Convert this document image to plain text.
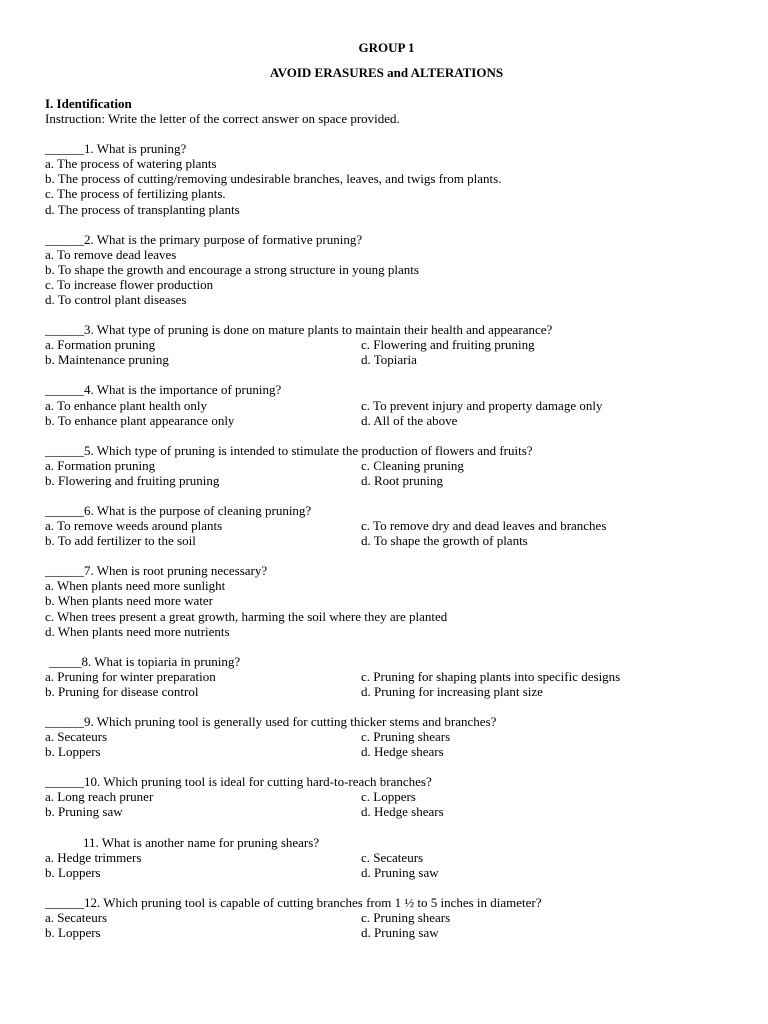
GROUP 1
AVOID ERASURES and ALTERATIONS
I. Identification
Instruction: Write the letter of the correct answer on space provided.
______1. What is pruning?
a. The process of watering plants
b. The process of cutting/removing undesirable branches, leaves, and twigs from plants.
c. The process of fertilizing plants.
d. The process of transplanting plants
______2. What is the primary purpose of formative pruning?
a. To remove dead leaves
b. To shape the growth and encourage a strong structure in young plants
c. To increase flower production
d. To control plant diseases
______3. What type of pruning is done on mature plants to maintain their health and appearance?
a. Formation pruning	c. Flowering and fruiting pruning
b. Maintenance pruning	d. Topiaria
______4. What is the importance of pruning?
a. To enhance plant health only	c. To prevent injury and property damage only
b. To enhance plant appearance only	d. All of the above
______5. Which type of pruning is intended to stimulate the production of flowers and fruits?
a. Formation pruning	c. Cleaning pruning
b. Flowering and fruiting pruning	d. Root pruning
______6. What is the purpose of cleaning pruning?
a. To remove weeds around plants	c. To remove dry and dead leaves and branches
b. To add fertilizer to the soil	d. To shape the growth of plants
______7. When is root pruning necessary?
a. When plants need more sunlight
b. When plants need more water
c. When trees present a great growth, harming the soil where they are planted
d. When plants need more nutrients
_____8. What is topiaria in pruning?
a. Pruning for winter preparation	c. Pruning for shaping plants into specific designs
b. Pruning for disease control	d. Pruning for increasing plant size
______9. Which pruning tool is generally used for cutting thicker stems and branches?
a. Secateurs	c. Pruning shears
b. Loppers	d. Hedge shears
______10. Which pruning tool is ideal for cutting hard-to-reach branches?
a. Long reach pruner	c. Loppers
b. Pruning saw	d. Hedge shears
11. What is another name for pruning shears?
a. Hedge trimmers	c. Secateurs
b. Loppers	d. Pruning saw
______12. Which pruning tool is capable of cutting branches from 1 ½ to 5 inches in diameter?
a. Secateurs	c. Pruning shears
b. Loppers	d. Pruning saw
